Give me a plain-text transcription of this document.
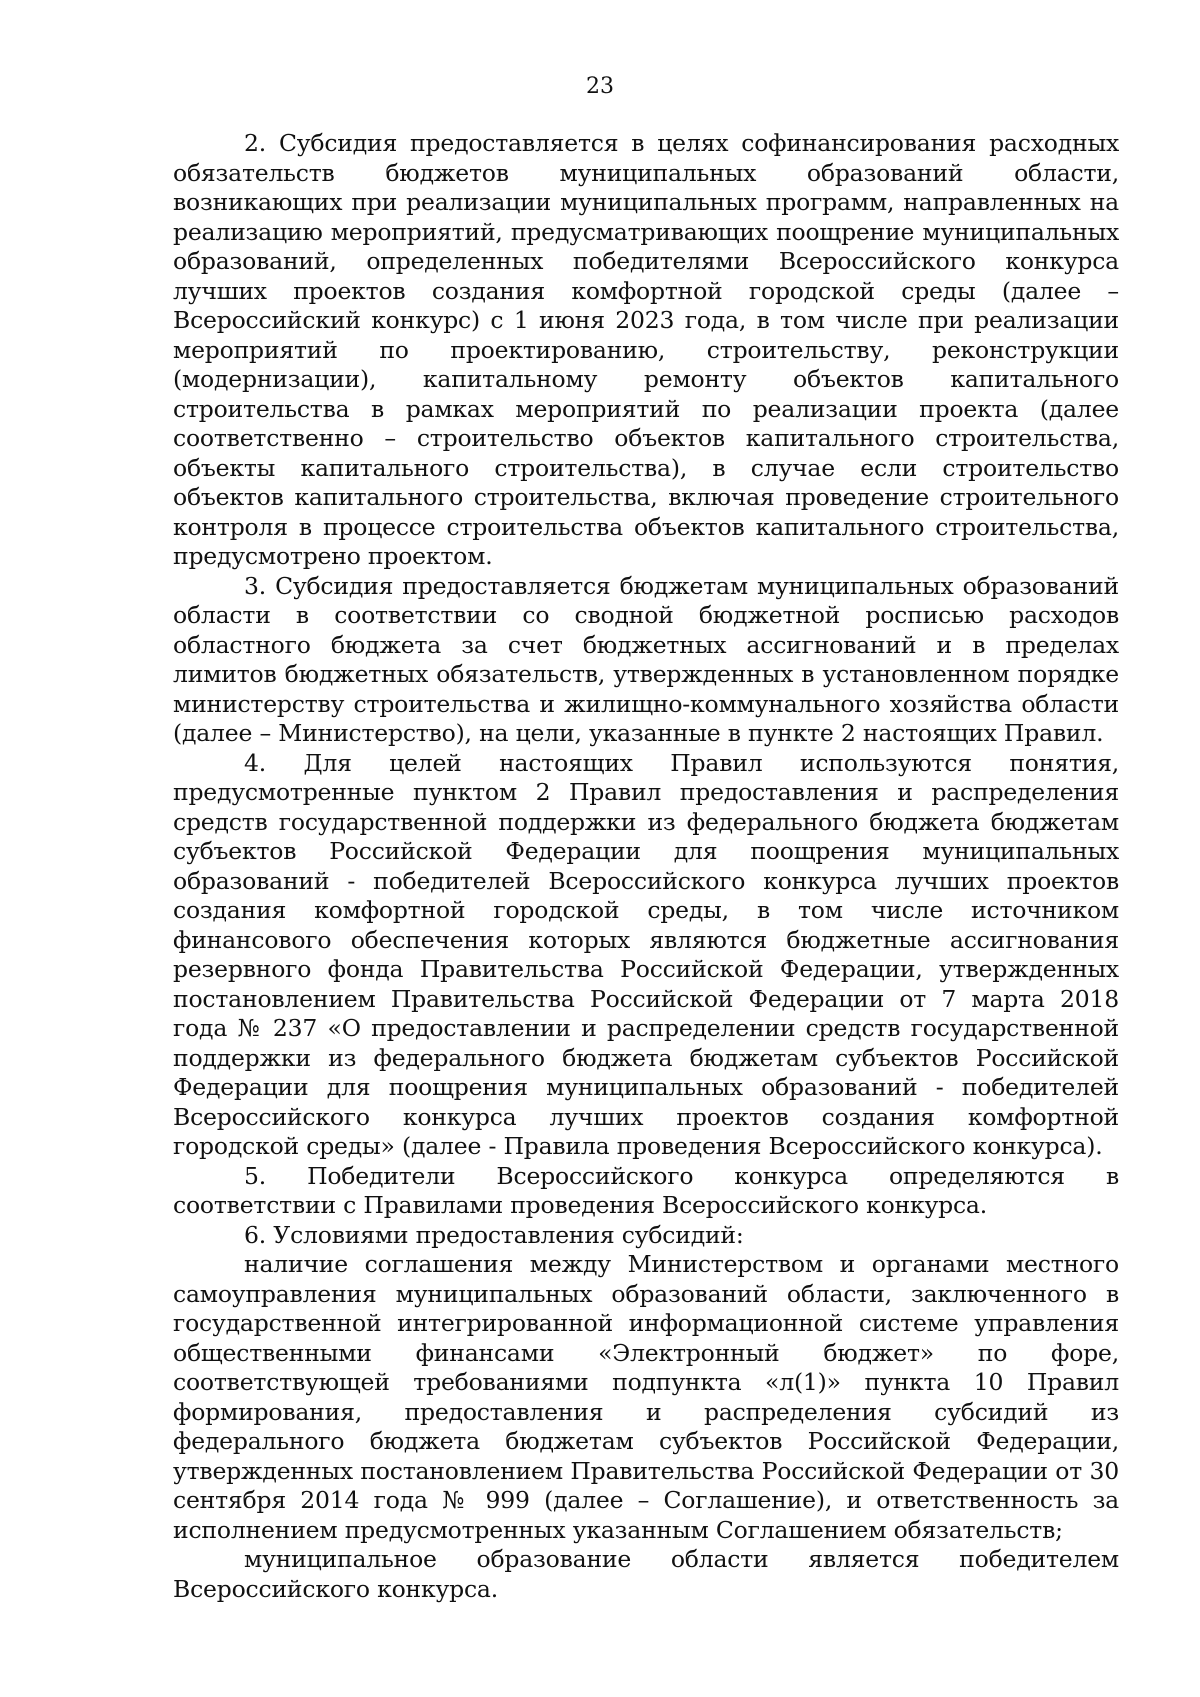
23

2. Субсидия предоставляется в целях софинансирования расходных обязательств бюджетов муниципальных образований области, возникающих при реализации муниципальных программ, направленных на реализацию мероприятий, предусматривающих поощрение муниципальных образований, определенных победителями Всероссийского конкурса лучших проектов создания комфортной городской среды (далее – Всероссийский конкурс) с 1 июня 2023 года, в том числе при реализации мероприятий по проектированию, строительству, реконструкции (модернизации), капитальному ремонту объектов капитального строительства в рамках мероприятий по реализации проекта (далее соответственно – строительство объектов капитального строительства, объекты капитального строительства), в случае если строительство объектов капитального строительства, включая проведение строительного контроля в процессе строительства объектов капитального строительства, предусмотрено проектом.

3. Субсидия предоставляется бюджетам муниципальных образований области в соответствии со сводной бюджетной росписью расходов областного бюджета за счет бюджетных ассигнований и в пределах лимитов бюджетных обязательств, утвержденных в установленном порядке министерству строительства и жилищно-коммунального хозяйства области (далее – Министерство), на цели, указанные в пункте 2 настоящих Правил.

4. Для целей настоящих Правил используются понятия, предусмотренные пунктом 2 Правил предоставления и распределения средств государственной поддержки из федерального бюджета бюджетам субъектов Российской Федерации для поощрения муниципальных образований - победителей Всероссийского конкурса лучших проектов создания комфортной городской среды, в том числе источником финансового обеспечения которых являются бюджетные ассигнования резервного фонда Правительства Российской Федерации, утвержденных постановлением Правительства Российской Федерации от 7 марта 2018 года № 237 «О предоставлении и распределении средств государственной поддержки из федерального бюджета бюджетам субъектов Российской Федерации для поощрения муниципальных образований - победителей Всероссийского конкурса лучших проектов создания комфортной городской среды» (далее - Правила проведения Всероссийского конкурса).

5. Победители Всероссийского конкурса определяются в соответствии с Правилами проведения Всероссийского конкурса.

6. Условиями предоставления субсидий:

наличие соглашения между Министерством и органами местного самоуправления муниципальных образований области, заключенного в государственной интегрированной информационной системе управления общественными финансами «Электронный бюджет» по форе, соответствующей требованиями подпункта «л(1)» пункта 10 Правил формирования, предоставления и распределения субсидий из федерального бюджета бюджетам субъектов Российской Федерации, утвержденных постановлением Правительства Российской Федерации от 30 сентября 2014 года № 999 (далее – Соглашение), и ответственность за исполнением предусмотренных указанным Соглашением обязательств;

муниципальное образование области является победителем Всероссийского конкурса.
